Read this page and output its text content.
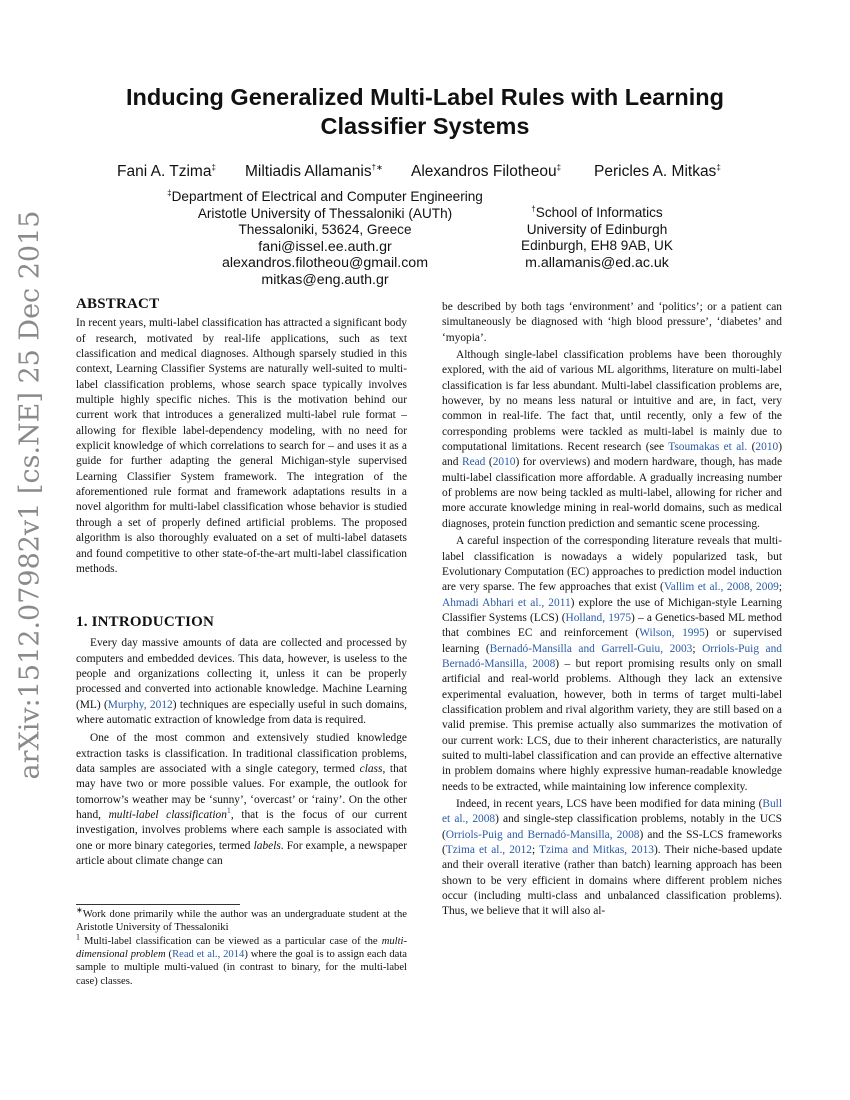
arXiv:1512.07982v1 [cs.NE] 25 Dec 2015
Inducing Generalized Multi-Label Rules with Learning Classifier Systems
Fani A. Tzima‡ Miltiadis Allamanis†∗ Alexandros Filotheou‡ Pericles A. Mitkas‡
‡Department of Electrical and Computer Engineering
Aristotle University of Thessaloniki (AUTh)
Thessaloniki, 53624, Greece
fani@issel.ee.auth.gr
alexandros.filotheou@gmail.com
mitkas@eng.auth.gr
†School of Informatics
University of Edinburgh
Edinburgh, EH8 9AB, UK
m.allamanis@ed.ac.uk
ABSTRACT

In recent years, multi-label classification has attracted a significant body of research, motivated by real-life applications, such as text classification and medical diagnoses. Although sparsely studied in this context, Learning Classifier Systems are naturally well-suited to multi-label classification problems, whose search space typically involves multiple highly specific niches. This is the motivation behind our current work that introduces a generalized multi-label rule format – allowing for flexible label-dependency modeling, with no need for explicit knowledge of which correlations to search for – and uses it as a guide for further adapting the general Michigan-style supervised Learning Classifier System framework. The integration of the aforementioned rule format and framework adaptations results in a novel algorithm for multi-label classification whose behavior is studied through a set of properly defined artificial problems. The proposed algorithm is also thoroughly evaluated on a set of multi-label datasets and found competitive to other state-of-the-art multi-label classification methods.

1. INTRODUCTION

Every day massive amounts of data are collected and processed by computers and embedded devices. This data, however, is useless to the people and organizations collecting it, unless it can be properly processed and converted into actionable knowledge. Machine Learning (ML) (Murphy, 2012) techniques are especially useful in such domains, where automatic extraction of knowledge from data is required.

One of the most common and extensively studied knowledge extraction tasks is classification. In traditional classification problems, data samples are associated with a single category, termed class, that may have two or more possible values. For example, the outlook for tomorrow’s weather may be ‘sunny’, ‘overcast’ or ‘rainy’. On the other hand, multi-label classification$^1$, that is the focus of our current investigation, involves problems where each sample is associated with one or more binary categories, termed labels. For example, a newspaper article about climate change can

∗Work done primarily while the author was an undergraduate student at the Aristotle University of Thessaloniki
$^1$ Multi-label classification can be viewed as a particular case of the multi-dimensional problem (Read et al., 2014) where the goal is to assign each data sample to multiple multi-valued (in contrast to binary, for the multi-label case) classes.

be described by both tags ‘environment’ and ‘politics’; or a patient can simultaneously be diagnosed with ‘high blood pressure’, ‘diabetes’ and ‘myopia’.

Although single-label classification problems have been thoroughly explored, with the aid of various ML algorithms, literature on multi-label classification is far less abundant. Multi-label classification problems are, however, by no means less natural or intuitive and are, in fact, very common in real-life. The fact that, until recently, only a few of the corresponding problems were tackled as multi-label is mainly due to computational limitations. Recent research (see Tsoumakas et al. (2010) and Read (2010) for overviews) and modern hardware, though, has made multi-label classification more affordable. A gradually increasing number of problems are now being tackled as multi-label, allowing for richer and more accurate knowledge mining in real-world domains, such as medical diagnoses, protein function prediction and semantic scene processing.

A careful inspection of the corresponding literature reveals that multi-label classification is nowadays a widely popularized task, but Evolutionary Computation (EC) approaches to prediction model induction are very sparse. The few approaches that exist (Vallim et al., 2008, 2009; Ahmadi Abhari et al., 2011) explore the use of Michigan-style Learning Classifier Systems (LCS) (Holland, 1975) – a Genetics-based ML method that combines EC and reinforcement (Wilson, 1995) or supervised learning (Bernadó-Mansilla and Garrell-Guiu, 2003; Orriols-Puig and Bernadó-Mansilla, 2008) – but report promising results only on small artificial and real-world problems. Although they lack an extensive experimental evaluation, however, both in terms of target multi-label classification problem and rival algorithm variety, they are still based on a valid premise. This premise actually also summarizes the motivation of our current work: LCS, due to their inherent characteristics, are naturally suited to multi-label classification and can provide an effective alternative in problem domains where highly expressive human-readable knowledge needs to be extracted, while maintaining low inference complexity.

Indeed, in recent years, LCS have been modified for data mining (Bull et al., 2008) and single-step classification problems, notably in the UCS (Orriols-Puig and Bernadó-Mansilla, 2008) and the SS-LCS frameworks (Tzima et al., 2012; Tzima and Mitkas, 2013). Their niche-based update and their overall iterative (rather than batch) learning approach has been shown to be very efficient in domains where different problem niches occur (including multi-class and unbalanced classification problems). Thus, we believe that it will also al-
